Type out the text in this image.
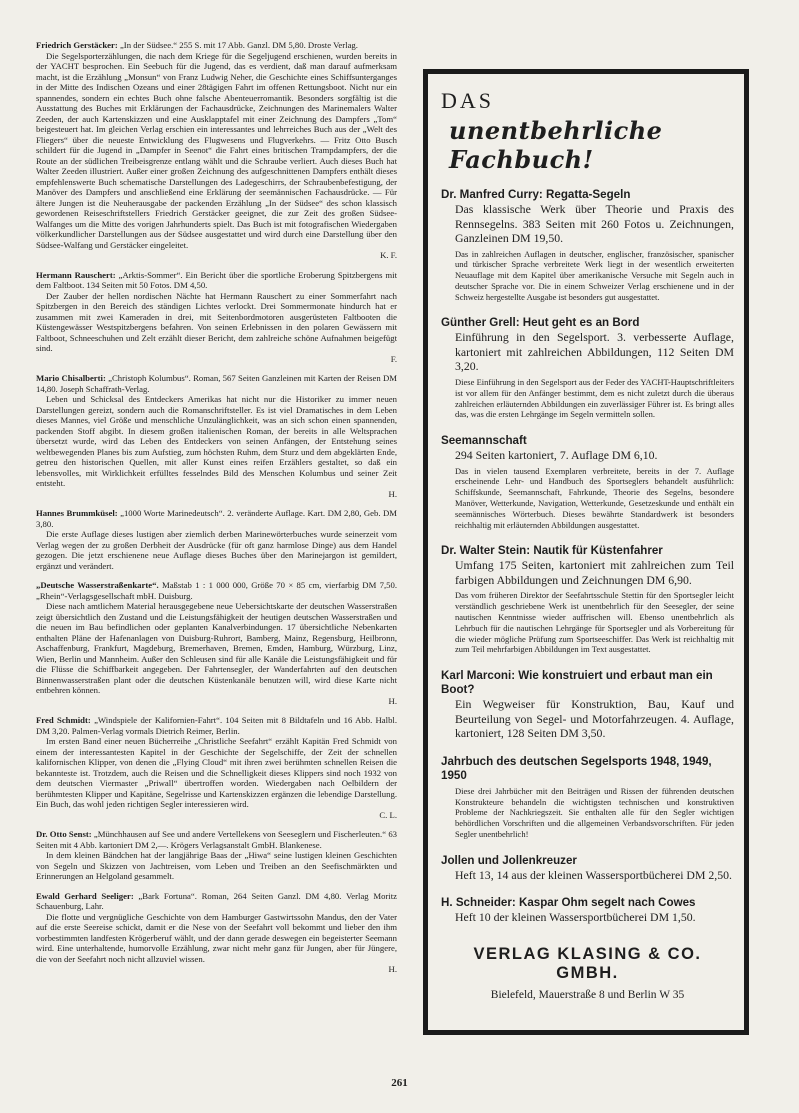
Friedrich Gerstäcker: „In der Südsee.“ 255 S. mit 17 Abb. Ganzl. DM 5,80. Droste Verlag.
Die Segelsporterzählungen, die nach dem Kriege für die Segeljugend erschienen, wurden bereits in der YACHT besprochen. Ein Seebuch für die Jugend, das es verdient, daß man darauf aufmerksam macht, ist die Erzählung „Monsun“ von Franz Ludwig Neher, die Geschichte eines Schiffsunterganges in der Mitte des Indischen Ozeans und einer 28tägigen Fahrt im offenen Rettungsboot. Nicht nur ein spannendes, sondern ein echtes Buch ohne falsche Abenteuerromantik. Besonders sorgfältig ist die Ausstattung des Buches mit Erklärungen der Fachausdrücke, Zeichnungen des Marinemalers Walter Zeeden, der auch Kartenskizzen und eine Ausklapptafel mit einer Zeichnung des Dampfers „Tom“ beigesteuert hat. Im gleichen Verlag erschien ein interessantes und lehrreiches Buch aus der „Welt des Fliegers“ über die neueste Entwicklung des Flugwesens und Flugverkehrs. — Fritz Otto Busch schildert für die Jugend in „Dampfer in Seenot“ die Fahrt eines britischen Trampdampfers, der die Route an der südlichen Treibeisgrenze entlang wählt und die Schraube verliert. Auch dieses Buch hat Walter Zeeden illustriert. Außer einer großen Zeichnung des aufgeschnittenen Dampfers enthält dieses empfehlenswerte Buch schematische Darstellungen des Ladegeschirrs, der Schraubenbefestigung, der Manöver des Dampfers und anschließend eine Erklärung der seemännischen Fachausdrücke. — Für ältere Jungen ist die Neuherausgabe der packenden Erzählung „In der Südsee“ des schon klassisch gewordenen Reiseschriftstellers Friedrich Gerstäcker geeignet, die zur Zeit des großen Südsee-Walfanges um die Mitte des vorigen Jahrhunderts spielt. Das Buch ist mit fotografischen Wiedergaben völkerkundlicher Darstellungen aus der Südsee ausgestattet und wird durch eine Darstellung über den Südsee-Walfang und Gerstäcker eingeleitet.
K. F.
Hermann Rauschert: „Arktis-Sommer“. Ein Bericht über die sportliche Eroberung Spitzbergens mit dem Faltboot. 134 Seiten mit 50 Fotos. DM 4,50.
Der Zauber der hellen nordischen Nächte hat Hermann Rauschert zu einer Sommerfahrt nach Spitzbergen in den Bereich des ständigen Lichtes verlockt. Drei Sommermonate hindurch hat er zusammen mit zwei Kameraden in drei, mit Seitenbordmotoren ausgerüsteten Faltbooten die Küstengewässer Westspitzbergens befahren. Von seinen Erlebnissen in den polaren Gewässern mit Faltboot, Schneeschuhen und Zelt erzählt dieser Bericht, dem zahlreiche schöne Aufnahmen beigefügt sind.
F.
Mario Chisalberti: „Christoph Kolumbus“. Roman, 567 Seiten Ganzleinen mit Karten der Reisen DM 14,80. Joseph Schaffrath-Verlag.
Leben und Schicksal des Entdeckers Amerikas hat nicht nur die Historiker zu immer neuen Darstellungen gereizt, sondern auch die Romanschriftsteller. Es ist viel Dramatisches in dem Leben dieses Mannes, viel Größe und menschliche Unzulänglichkeit, was an sich schon einen spannenden, packenden Stoff abgibt. In diesem großen italienischen Roman, der bereits in alle Weltsprachen übersetzt wurde, wird das Leben des Entdeckers von seinen Anfängen, der Entstehung seines weltbewegenden Planes bis zum Aufstieg, zum höchsten Ruhm, dem Sturz und dem abgeklärten Ende, getreu den historischen Quellen, mit aller Kunst eines reifen Erzählers gestaltet, so daß ein lebensvolles, mit Wirklichkeit erfülltes fesselndes Bild des Menschen Kolumbus und seiner Zeit entsteht.
H.
Hannes Brummküsel: „1000 Worte Marinedeutsch“. 2. veränderte Auflage. Kart. DM 2,80, Geb. DM 3,80.
Die erste Auflage dieses lustigen aber ziemlich derben Marinewörterbuches wurde seinerzeit vom Verlag wegen der zu großen Derbheit der Ausdrücke (für oft ganz harmlose Dinge) aus dem Handel gezogen. Die jetzt erschienene neue Auflage dieses Buches über den Marinejargon ist gemildert, ergänzt und verändert.
„Deutsche Wasserstraßenkarte“. Maßstab 1 : 1 000 000, Größe 70 × 85 cm, vierfarbig DM 7,50. „Rhein“-Verlagsgesellschaft mbH. Duisburg.
Diese nach amtlichem Material herausgegebene neue Uebersichtskarte der deutschen Wasserstraßen zeigt übersichtlich den Zustand und die Leistungsfähigkeit der heutigen deutschen Wasserstraßen und die neuen im Bau befindlichen oder geplanten Kanalverbindungen. 17 übersichtliche Nebenkarten enthalten Pläne der Hafenanlagen von Duisburg-Ruhrort, Bamberg, Mainz, Regensburg, Heilbronn, Aschaffenburg, Frankfurt, Magdeburg, Bremerhaven, Bremen, Emden, Hamburg, Würzburg, Linz, Wien, Berlin und Mannheim. Außer den Schleusen sind für alle Kanäle die Leistungsfähigkeit und für die Flüsse die Schiffbarkeit angegeben. Der Fahrtensegler, der Wanderfahrten auf den deutschen Binnenwasserstraßen plant oder die deutschen Küstenkanäle benutzen will, wird diese Karte nicht entbehren können.
H.
Fred Schmidt: „Windspiele der Kalifornien-Fahrt“. 104 Seiten mit 8 Bildtafeln und 16 Abb. Halbl. DM 3,20. Palmen-Verlag vormals Dietrich Reimer, Berlin.
Im ersten Band einer neuen Bücherreihe „Christliche Seefahrt“ erzählt Kapitän Fred Schmidt von einem der interessantesten Kapitel in der Geschichte der Segelschiffe, der Zeit der schnellen kalifornischen Klipper, von denen die „Flying Cloud“ mit ihren zwei berühmten schnellen Reisen die bekannteste ist. Trotzdem, auch die Reisen und die Schnelligkeit dieses Klippers sind noch 1932 von dem deutschen Viermaster „Priwall“ übertroffen worden. Wiedergaben nach Oelbildern der berühmtesten Klipper und Kapitäne, Segelrisse und Kartenskizzen ergänzen die lebendige Darstellung. Ein Buch, das wohl jeden richtigen Segler interessieren wird.
C. L.
Dr. Otto Senst: „Münchhausen auf See und andere Vertellekens von Seeseglern und Fischerleuten.“ 63 Seiten mit 4 Abb. kartoniert DM 2,—. Krögers Verlagsanstalt GmbH. Blankenese.
In dem kleinen Bändchen hat der langjährige Baas der „Hiwa“ seine lustigen kleinen Geschichten von Segeln und Skizzen von Jachtreisen, vom Leben und Treiben an den Seefischmärkten und Erinnerungen an Helgoland gesammelt.
Ewald Gerhard Seeliger: „Bark Fortuna“. Roman, 264 Seiten Ganzl. DM 4,80. Verlag Moritz Schauenburg, Lahr.
Die flotte und vergnügliche Geschichte von dem Hamburger Gastwirtssohn Mandus, den der Vater auf die erste Seereise schickt, damit er die Nese von der Seefahrt voll bekommt und lieber den ihm vorbestimmten landfesten Krögerberuf wählt, und der dann gerade deswegen ein begeisterter Seemann wird. Eine unterhaltende, humorvolle Erzählung, zwar nicht mehr ganz für Jungen, aber für Jüngere, die von der Seefahrt noch nicht allzuviel wissen.
H.
DAS
unentbehrliche Fachbuch!
Dr. Manfred Curry: Regatta-Segeln
Das klassische Werk über Theorie und Praxis des Rennsegelns. 383 Seiten mit 260 Fotos u. Zeichnungen, Ganzleinen DM 19,50.
Das in zahlreichen Auflagen in deutscher, englischer, französischer, spanischer und türkischer Sprache verbreitete Werk liegt in der wesentlich erweiterten Neuauflage mit dem Kapitel über amerikanische Versuche mit Segeln auch in deutscher Sprache vor. Die in einem Schweizer Verlag erschienene und in der Schweiz hergestellte Ausgabe ist besonders gut ausgestattet.
Günther Grell: Heut geht es an Bord
Einführung in den Segelsport. 3. verbesserte Auflage, kartoniert mit zahlreichen Abbildungen, 112 Seiten DM 3,20.
Diese Einführung in den Segelsport aus der Feder des YACHT-Hauptschriftleiters ist vor allem für den Anfänger bestimmt, dem es nicht zuletzt durch die überaus zahlreichen erläuternden Abbildungen ein zuverlässiger Führer ist. Es bringt alles das, was die ersten Lehrgänge im Segeln vermitteln sollen.
Seemannschaft
294 Seiten kartoniert, 7. Auflage DM 6,10.
Das in vielen tausend Exemplaren verbreitete, bereits in der 7. Auflage erscheinende Lehr- und Handbuch des Sportseglers behandelt ausführlich: Schiffskunde, Seemannschaft, Fahrkunde, Theorie des Segelns, besondere Manöver, Wetterkunde, Navigation, Wetterkunde, Gesetzeskunde und enthält ein seemännisches Wörterbuch. Dieses bewährte Standardwerk ist besonders reichhaltig mit erläuternden Abbildungen ausgestattet.
Dr. Walter Stein: Nautik für Küstenfahrer
Umfang 175 Seiten, kartoniert mit zahlreichen zum Teil farbigen Abbildungen und Zeichnungen DM 6,90.
Das vom früheren Direktor der Seefahrtsschule Stettin für den Sportsegler leicht verständlich geschriebene Werk ist unentbehrlich für den Seesegler, der seine nautischen Kenntnisse wieder auffrischen will. Ebenso unentbehrlich als Lehrbuch für die nautischen Lehrgänge für Sportsegler und als Vorbereitung für die wieder mögliche Prüfung zum Sportseeschiffer. Das Werk ist reichhaltig mit zum Teil mehrfarbigen Abbildungen im Text ausgestattet.
Karl Marconi: Wie konstruiert und erbaut man ein Boot?
Ein Wegweiser für Konstruktion, Bau, Kauf und Beurteilung von Segel- und Motorfahrzeugen. 4. Auflage, kartoniert, 128 Seiten DM 3,50.
Jahrbuch des deutschen Segelsports 1948, 1949, 1950
Diese drei Jahrbücher mit den Beiträgen und Rissen der führenden deutschen Konstrukteure behandeln die wichtigsten technischen und konstruktiven Probleme der Nachkriegszeit. Sie enthalten alle für den Segler wichtigen behördlichen Vorschriften und die allgemeinen Verbandsvorschriften. Für jeden Segler unentbehrlich!
Jollen und Jollenkreuzer
Heft 13, 14 aus der kleinen Wassersportbücherei DM 2,50.
H. Schneider: Kaspar Ohm segelt nach Cowes
Heft 10 der kleinen Wassersportbücherei DM 1,50.
VERLAG KLASING & CO. GMBH.
Bielefeld, Mauerstraße 8 und Berlin W 35
261
